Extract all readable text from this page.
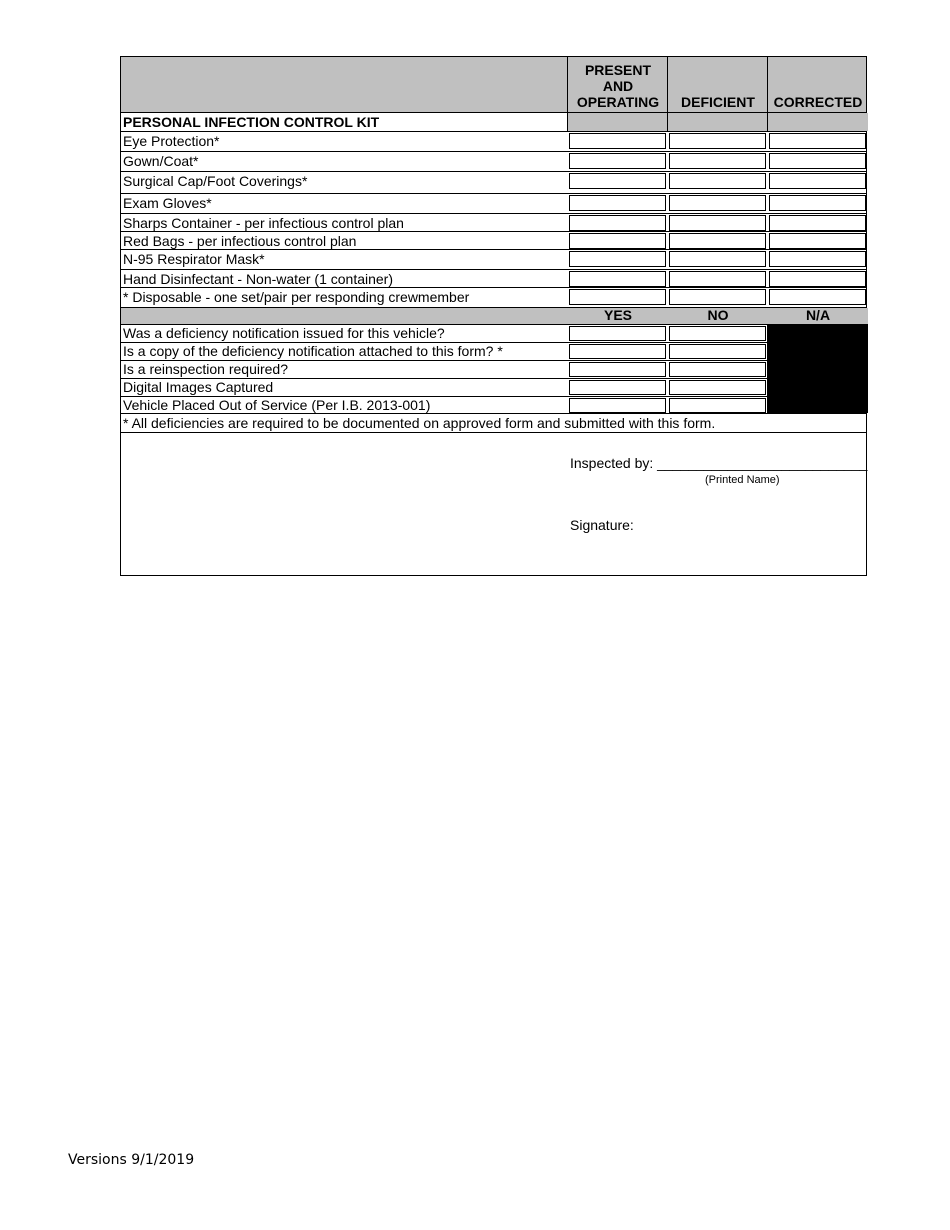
PRESENT
AND
OPERATING DEFICIENT CORRECTED
PERSONAL INFECTION CONTROL KIT
Eye Protection*
Gown/Coat*
Surgical Cap/Foot Coverings*
Exam Gloves*
Sharps Container - per infectious control plan
Red Bags - per infectious control plan
N-95 Respirator Mask*
Hand Disinfectant - Non-water (1 container)
* Disposable - one set/pair per responding crewmember
YES	NO	N/A
Was a deficiency notification issued for this vehicle?
Is a copy of the deficiency notification attached to this form? *
Is a reinspection required?
Digital Images Captured
Vehicle Placed Out of Service (Per I.B. 2013-001)
* All deficiencies are required to be documented on approved form and submitted with this form.
Inspected by: ___________________________
(Printed Name)
Signature:
Versions 9/1/2019
